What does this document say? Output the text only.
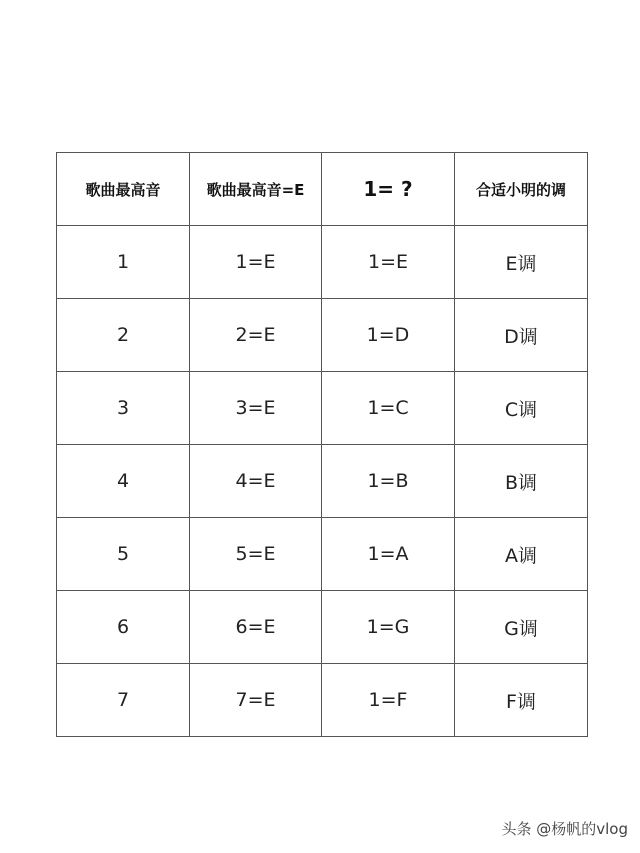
歌曲最高音	歌曲最高音=E	1= ?	合适小明的调
1	1=E	1=E	E调
2	2=E	1=D	D调
3	3=E	1=C	C调
4	4=E	1=B	B调
5	5=E	1=A	A调
6	6=E	1=G	G调
7	7=E	1=F	F调
头条 @杨帆的vlog
